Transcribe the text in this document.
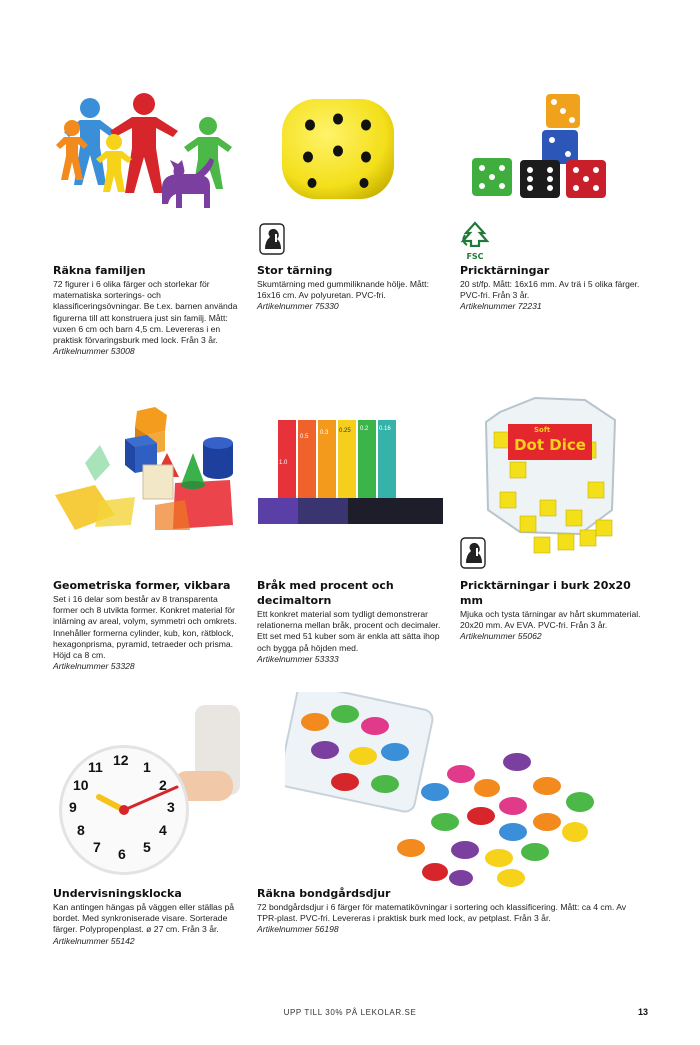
Räkna familjen

72 figurer i 6 olika färger och storlekar för matematiska sorterings- och klassificeringsövningar. Be t.ex. barnen använda figurerna till att konstruera just sin familj. Mått: vuxen 6 cm och barn 4,5 cm. Levereras i en praktisk förvaringsburk med lock. Från 3 år.

Artikelnummer 53008

Stor tärning

Skumtärning med gummiliknande hölje. Mått: 16x16 cm. Av polyuretan. PVC-fri.

Artikelnummer 75330

FSC

Pricktärningar

20 st/fp. Mått: 16x16 mm. Av trä i 5 olika färger. PVC-fri. Från 3 år.

Artikelnummer 72231

Geometriska former, vikbara

Set i 16 delar som består av 8 transparenta former och 8 utvikta former. Konkret material för inlärning av areal, volym, symmetri och omkrets. Innehåller formerna cylinder, kub, kon, rätblock, hexagonprisma, pyramid, tetraeder och prisma. Höjd ca 8 cm.

Artikelnummer 53328

1.0
0.5
0.3 0.25 0.2 0.16

Bråk med procent och decimaltorn

Ett konkret material som tydligt demonstrerar relationerna mellan bråk, procent och decimaler. Ett set med 51 kuber som är enkla att sätta ihop och bygga på höjden med.

Artikelnummer 53333

Soft
Dot Dice

Pricktärningar i burk 20x20 mm

Mjuka och tysta tärningar av hårt skummaterial. 20x20 mm. Av EVA. PVC-fri. Från 3 år.

Artikelnummer 55062

12 1
2
3
4
5
6
7
8
9
10
11

Undervisningsklocka

Kan antingen hängas på väggen eller ställas på bordet. Med synkroniserade visare. Sorterade färger. Polypropenplast. ø 27 cm. Från 3 år.

Artikelnummer 55142

Räkna bondgårdsdjur

72 bondgårdsdjur i 6 färger för matematikövningar i sortering och klassificering. Mått: ca 4 cm. Av TPR-plast. PVC-fri. Levereras i praktisk burk med lock, av petplast. Från 3 år.

Artikelnummer 56198

UPP TILL 30% PÅ LEKOLAR.SE	13
